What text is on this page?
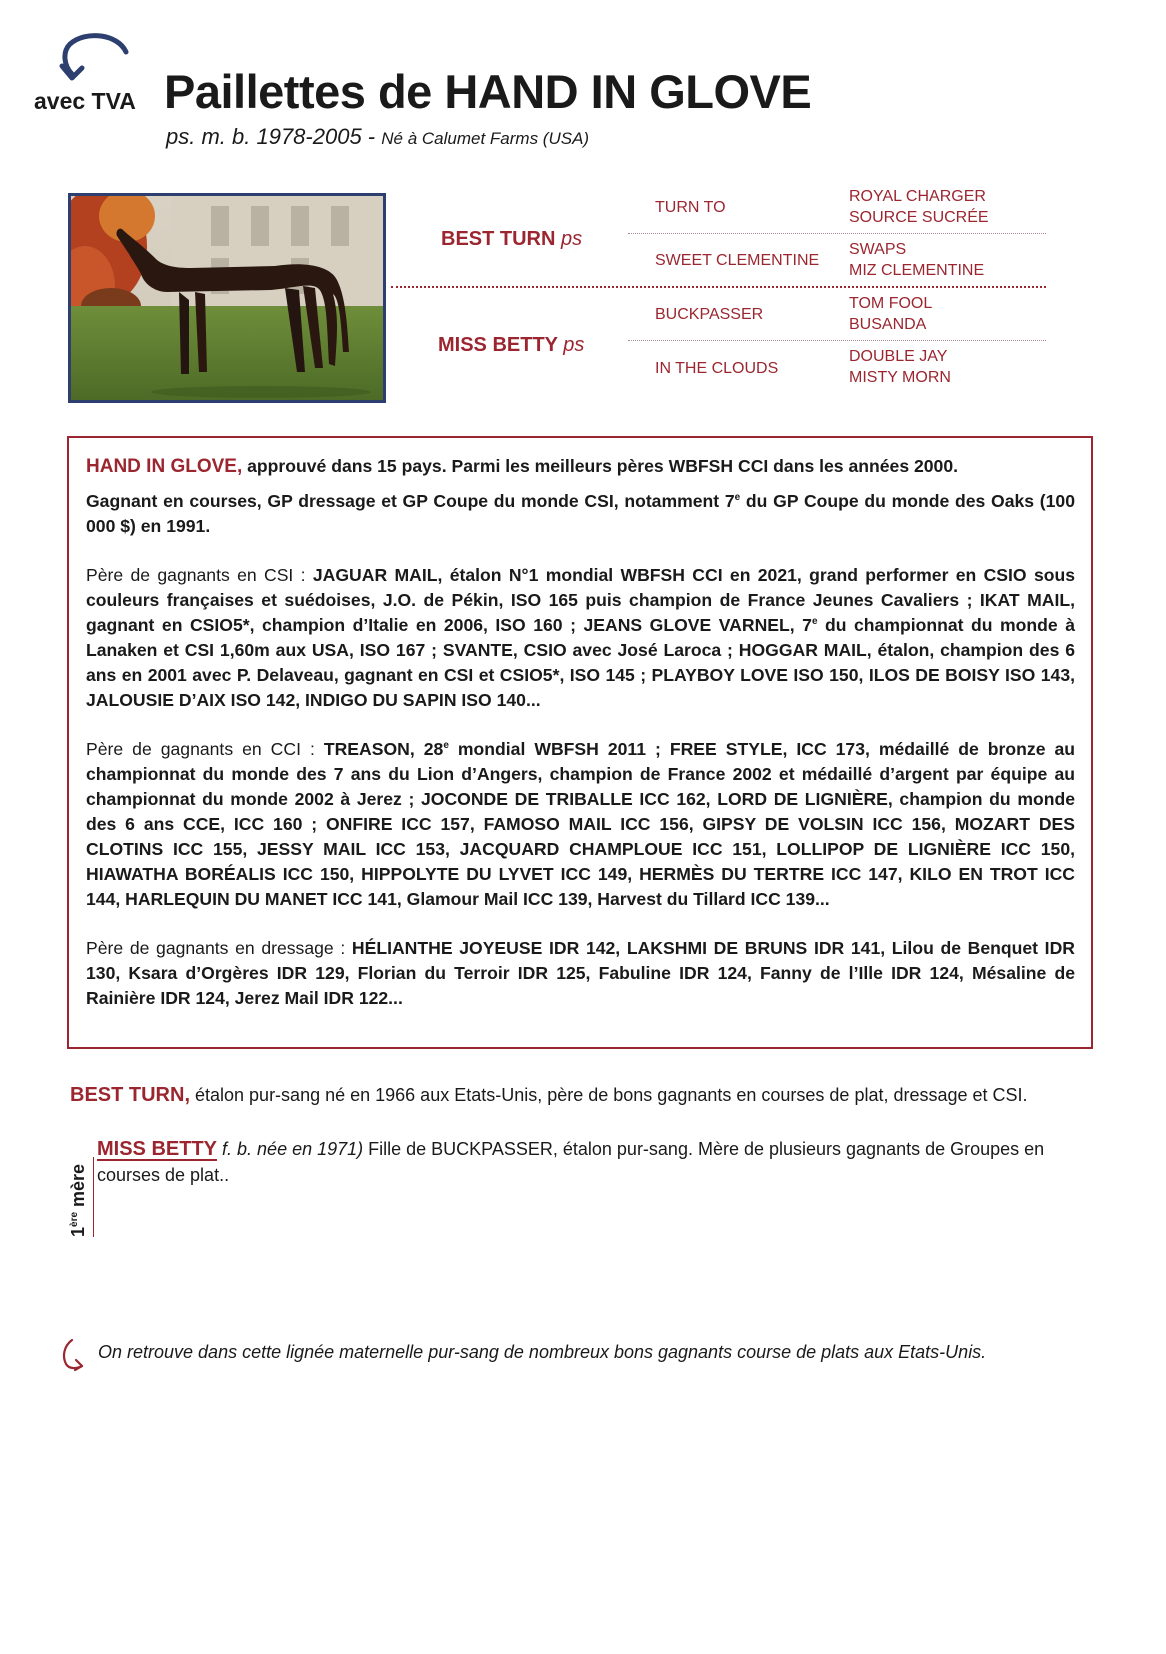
avec TVA Paillettes de HAND IN GLOVE
ps. m. b. 1978-2005 - Né à Calumet Farms (USA)
BEST TURN ps
MISS BETTY ps
TURN TO
SWEET CLEMENTINE
BUCKPASSER
IN THE CLOUDS
ROYAL CHARGER
SOURCE SUCRÉE
SWAPS
MIZ CLEMENTINE
TOM FOOL
BUSANDA
DOUBLE JAY
MISTY MORN

HAND IN GLOVE, approuvé dans 15 pays. Parmi les meilleurs pères WBFSH CCI dans les années 2000.

Gagnant en courses, GP dressage et GP Coupe du monde CSI, notamment 7e du GP Coupe du monde des Oaks (100 000 $) en 1991.

Père de gagnants en CSI : JAGUAR MAIL, étalon N°1 mondial WBFSH CCI en 2021, grand performer en CSIO sous couleurs françaises et suédoises, J.O. de Pékin, ISO 165 puis champion de France Jeunes Cavaliers ; IKAT MAIL, gagnant en CSIO5*, champion d’Italie en 2006, ISO 160 ; JEANS GLOVE VARNEL, 7e du championnat du monde à Lanaken et CSI 1,60m aux USA, ISO 167 ; SVANTE, CSIO avec José Laroca ; HOGGAR MAIL, étalon, champion des 6 ans en 2001 avec P. Delaveau, gagnant en CSI et CSIO5*, ISO 145 ; PLAYBOY LOVE ISO 150, ILOS DE BOISY ISO 143, JALOUSIE D’AIX ISO 142, INDIGO DU SAPIN ISO 140...

Père de gagnants en CCI : TREASON, 28e mondial WBFSH 2011 ; FREE STYLE, ICC 173, médaillé de bronze au championnat du monde des 7 ans du Lion d’Angers, champion de France 2002 et médaillé d’argent par équipe au championnat du monde 2002 à Jerez ; JOCONDE DE TRIBALLE ICC 162, LORD DE LIGNIÈRE, champion du monde des 6 ans CCE, ICC 160 ; ONFIRE ICC 157, FAMOSO MAIL ICC 156, GIPSY DE VOLSIN ICC 156, MOZART DES CLOTINS ICC 155, JESSY MAIL ICC 153, JACQUARD CHAMPLOUE ICC 151, LOLLIPOP DE LIGNIÈRE ICC 150, HIAWATHA BORÉALIS ICC 150, HIPPOLYTE DU LYVET ICC 149, HERMÈS DU TERTRE ICC 147, KILO EN TROT ICC 144, HARLEQUIN DU MANET ICC 141, Glamour Mail ICC 139, Harvest du Tillard ICC 139...

Père de gagnants en dressage : HÉLIANTHE JOYEUSE IDR 142, LAKSHMI DE BRUNS IDR 141, Lilou de Benquet IDR 130, Ksara d’Orgères IDR 129, Florian du Terroir IDR 125, Fabuline IDR 124, Fanny de l’Ille IDR 124, Mésaline de Rainière IDR 124, Jerez Mail IDR 122...

BEST TURN, étalon pur-sang né en 1966 aux Etats-Unis, père de bons gagnants en courses de plat, dressage et CSI.
1ère mère
MISS BETTY f. b. née en 1971) Fille de BUCKPASSER, étalon pur-sang. Mère de plusieurs gagnants de Groupes en courses de plat..
On retrouve dans cette lignée maternelle pur-sang de nombreux bons gagnants course de plats aux Etats-Unis.
